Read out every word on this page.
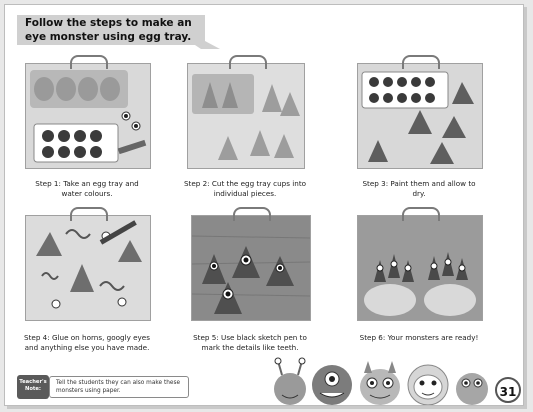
Follow the steps to make an eye monster using egg tray.
Step 1: Take an egg tray and water colours.
Step 2: Cut the egg tray cups into individual pieces.
Step 3: Paint them and allow to dry.
Step 4: Glue on horns, googly eyes and anything else you have made.
Step 5: Use black sketch pen to mark the details like teeth.
Step 6: Your monsters are ready!
Teacher's Note:
Tell the students they can also make these monsters using paper.	31
